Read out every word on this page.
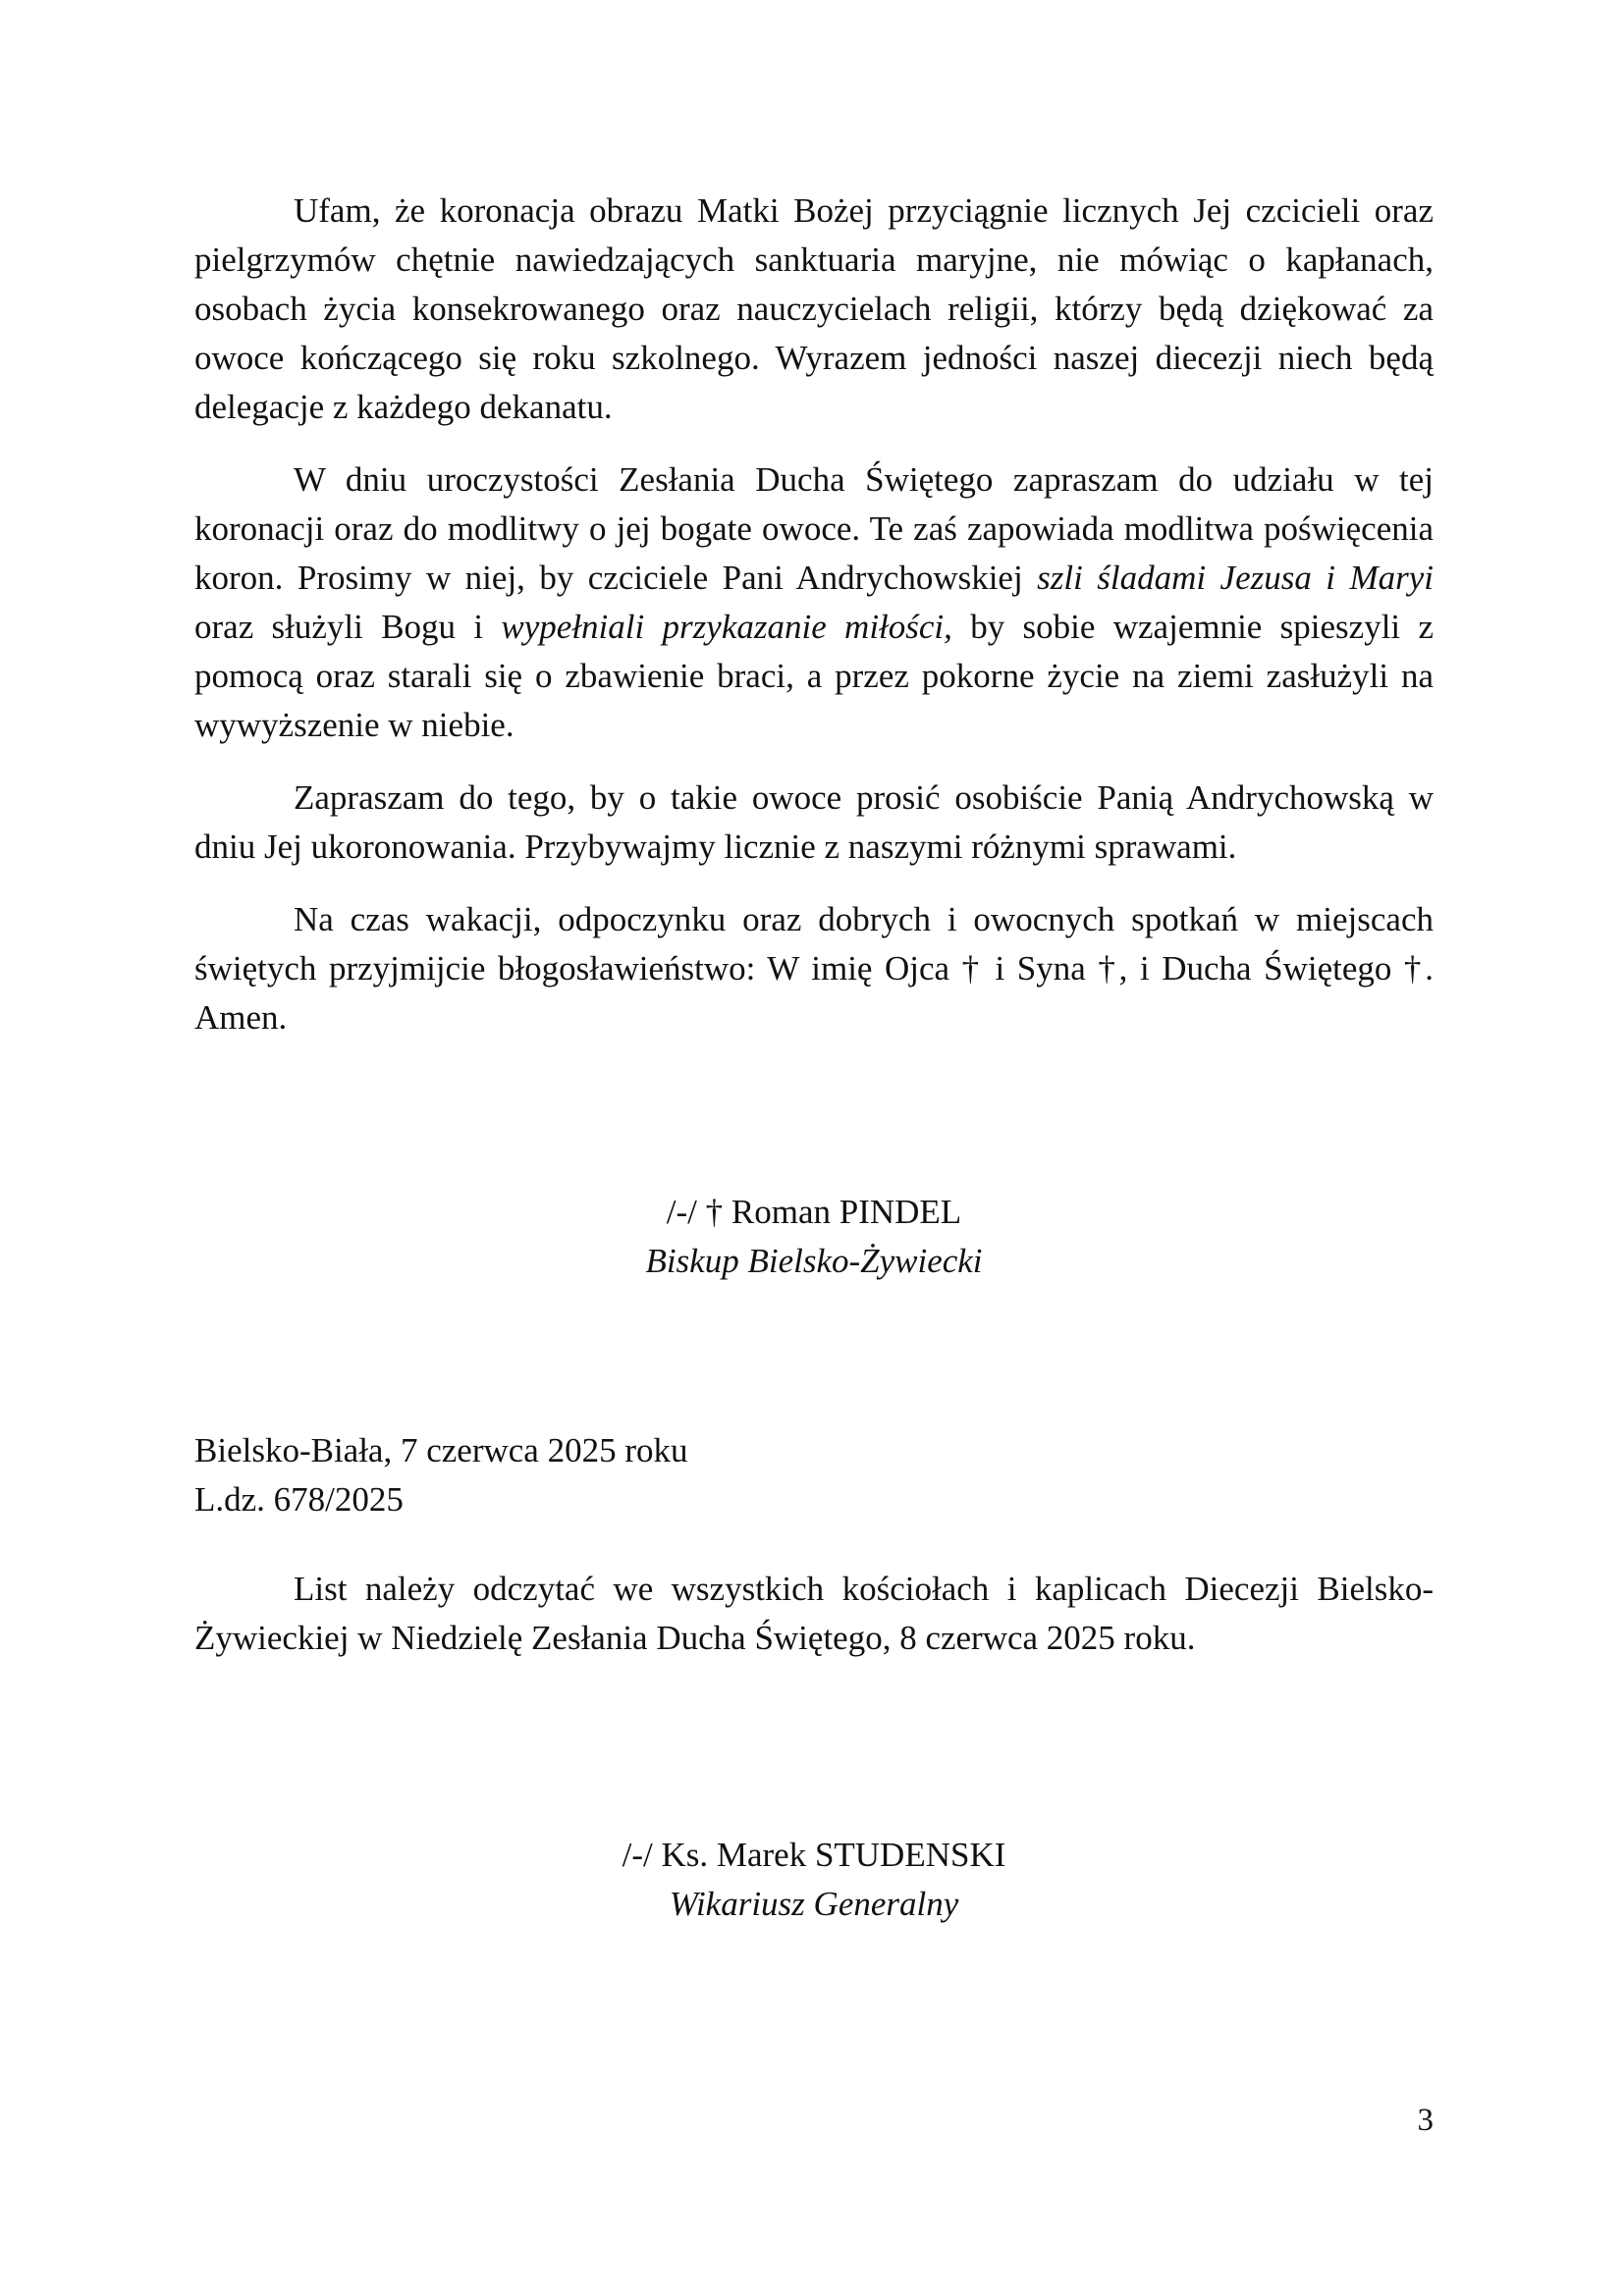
Ufam, że koronacja obrazu Matki Bożej przyciągnie licznych Jej czcicieli oraz pielgrzymów chętnie nawiedzających sanktuaria maryjne, nie mówiąc o kapłanach, osobach życia konsekrowanego oraz nauczycielach religii, którzy będą dziękować za owoce kończącego się roku szkolnego. Wyrazem jedności naszej diecezji niech będą delegacje z każdego dekanatu.

W dniu uroczystości Zesłania Ducha Świętego zapraszam do udziału w tej koronacji oraz do modlitwy o jej bogate owoce. Te zaś zapowiada modlitwa poświęcenia koron. Prosimy w niej, by czciciele Pani Andrychowskiej szli śladami Jezusa i Maryi oraz służyli Bogu i wypełniali przykazanie miłości, by sobie wzajemnie spieszyli z pomocą oraz starali się o zbawienie braci, a przez pokorne życie na ziemi zasłużyli na wywyższenie w niebie.

Zapraszam do tego, by o takie owoce prosić osobiście Panią Andrychowską w dniu Jej ukoronowania. Przybywajmy licznie z naszymi różnymi sprawami.

Na czas wakacji, odpoczynku oraz dobrych i owocnych spotkań w miejscach świętych przyjmijcie błogosławieństwo: W imię Ojca † i Syna †, i Ducha Świętego †. Amen.

/-/ † Roman PINDEL
Biskup Bielsko-Żywiecki
Bielsko-Biała, 7 czerwca 2025 roku
L.dz. 678/2025

List należy odczytać we wszystkich kościołach i kaplicach Diecezji Bielsko-Żywieckiej w Niedzielę Zesłania Ducha Świętego, 8 czerwca 2025 roku.

/-/ Ks. Marek STUDENSKI
Wikariusz Generalny
3
